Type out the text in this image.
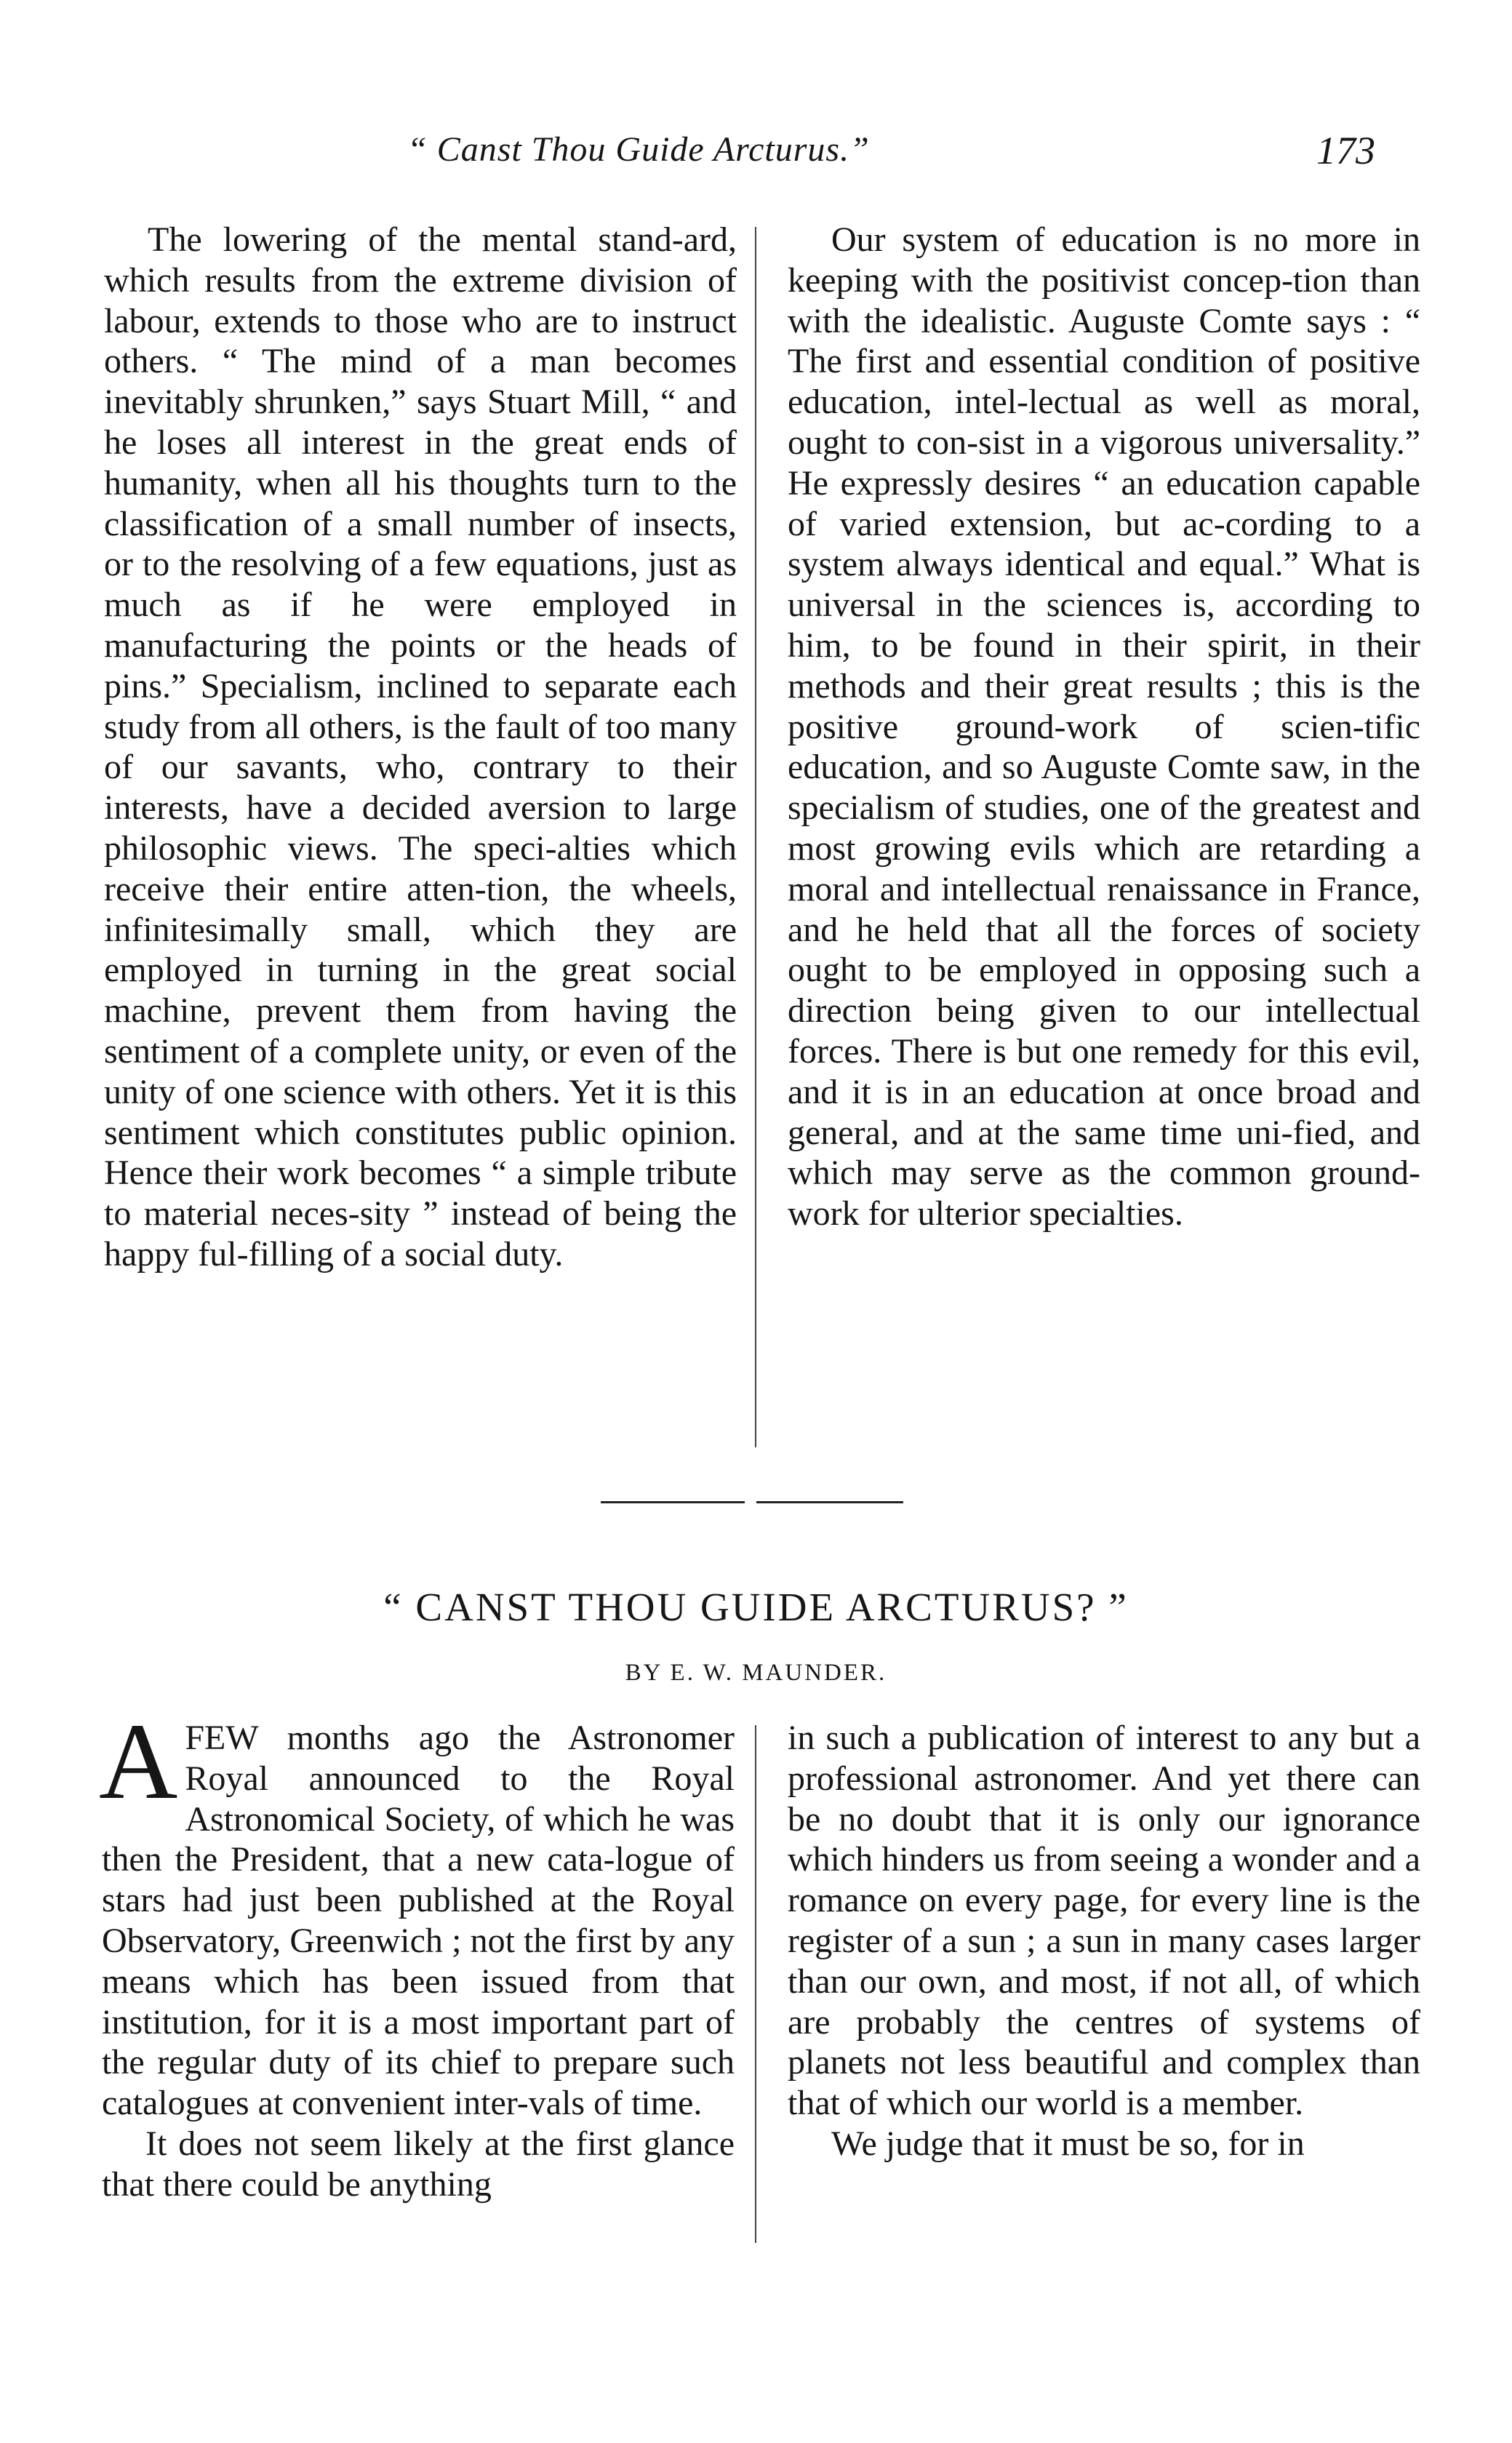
“ Canst Thou Guide Arcturus.”	173

The lowering of the mental stand-ard, which results from the extreme division of labour, extends to those who are to instruct others. “ The mind of a man becomes inevitably shrunken,” says Stuart Mill, “ and he loses all interest in the great ends of humanity, when all his thoughts turn to the classification of a small number of insects, or to the resolving of a few equations, just as much as if he were employed in manufacturing the points or the heads of pins.” Specialism, inclined to separate each study from all others, is the fault of too many of our savants, who, contrary to their interests, have a decided aversion to large philosophic views. The speci-alties which receive their entire atten-tion, the wheels, infinitesimally small, which they are employed in turning in the great social machine, prevent them from having the sentiment of a complete unity, or even of the unity of one science with others. Yet it is this sentiment which constitutes public opinion. Hence their work becomes “ a simple tribute to material neces-sity ” instead of being the happy ful-filling of a social duty.

Our system of education is no more in keeping with the positivist concep-tion than with the idealistic. Auguste Comte says : “ The first and essential condition of positive education, intel-lectual as well as moral, ought to con-sist in a vigorous universality.” He expressly desires “ an education capable of varied extension, but ac-cording to a system always identical and equal.” What is universal in the sciences is, according to him, to be found in their spirit, in their methods and their great results ; this is the positive ground-work of scien-tific education, and so Auguste Comte saw, in the specialism of studies, one of the greatest and most growing evils which are retarding a moral and intellectual renaissance in France, and he held that all the forces of society ought to be employed in opposing such a direction being given to our intellectual forces. There is but one remedy for this evil, and it is in an education at once broad and general, and at the same time uni-fied, and which may serve as the common ground-work for ulterior specialties.

“ CANST THOU GUIDE ARCTURUS? ”
BY E. W. MAUNDER.

AFEW months ago the Astronomer Royal announced to the Royal Astronomical Society, of which he was then the President, that a new cata-logue of stars had just been published at the Royal Observatory, Greenwich ; not the first by any means which has been issued from that institution, for it is a most important part of the regular duty of its chief to prepare such catalogues at convenient inter-vals of time.

It does not seem likely at the first glance that there could be anything

in such a publication of interest to any but a professional astronomer. And yet there can be no doubt that it is only our ignorance which hinders us from seeing a wonder and a romance on every page, for every line is the register of a sun ; a sun in many cases larger than our own, and most, if not all, of which are probably the centres of systems of planets not less beautiful and complex than that of which our world is a member.

We judge that it must be so, for in
